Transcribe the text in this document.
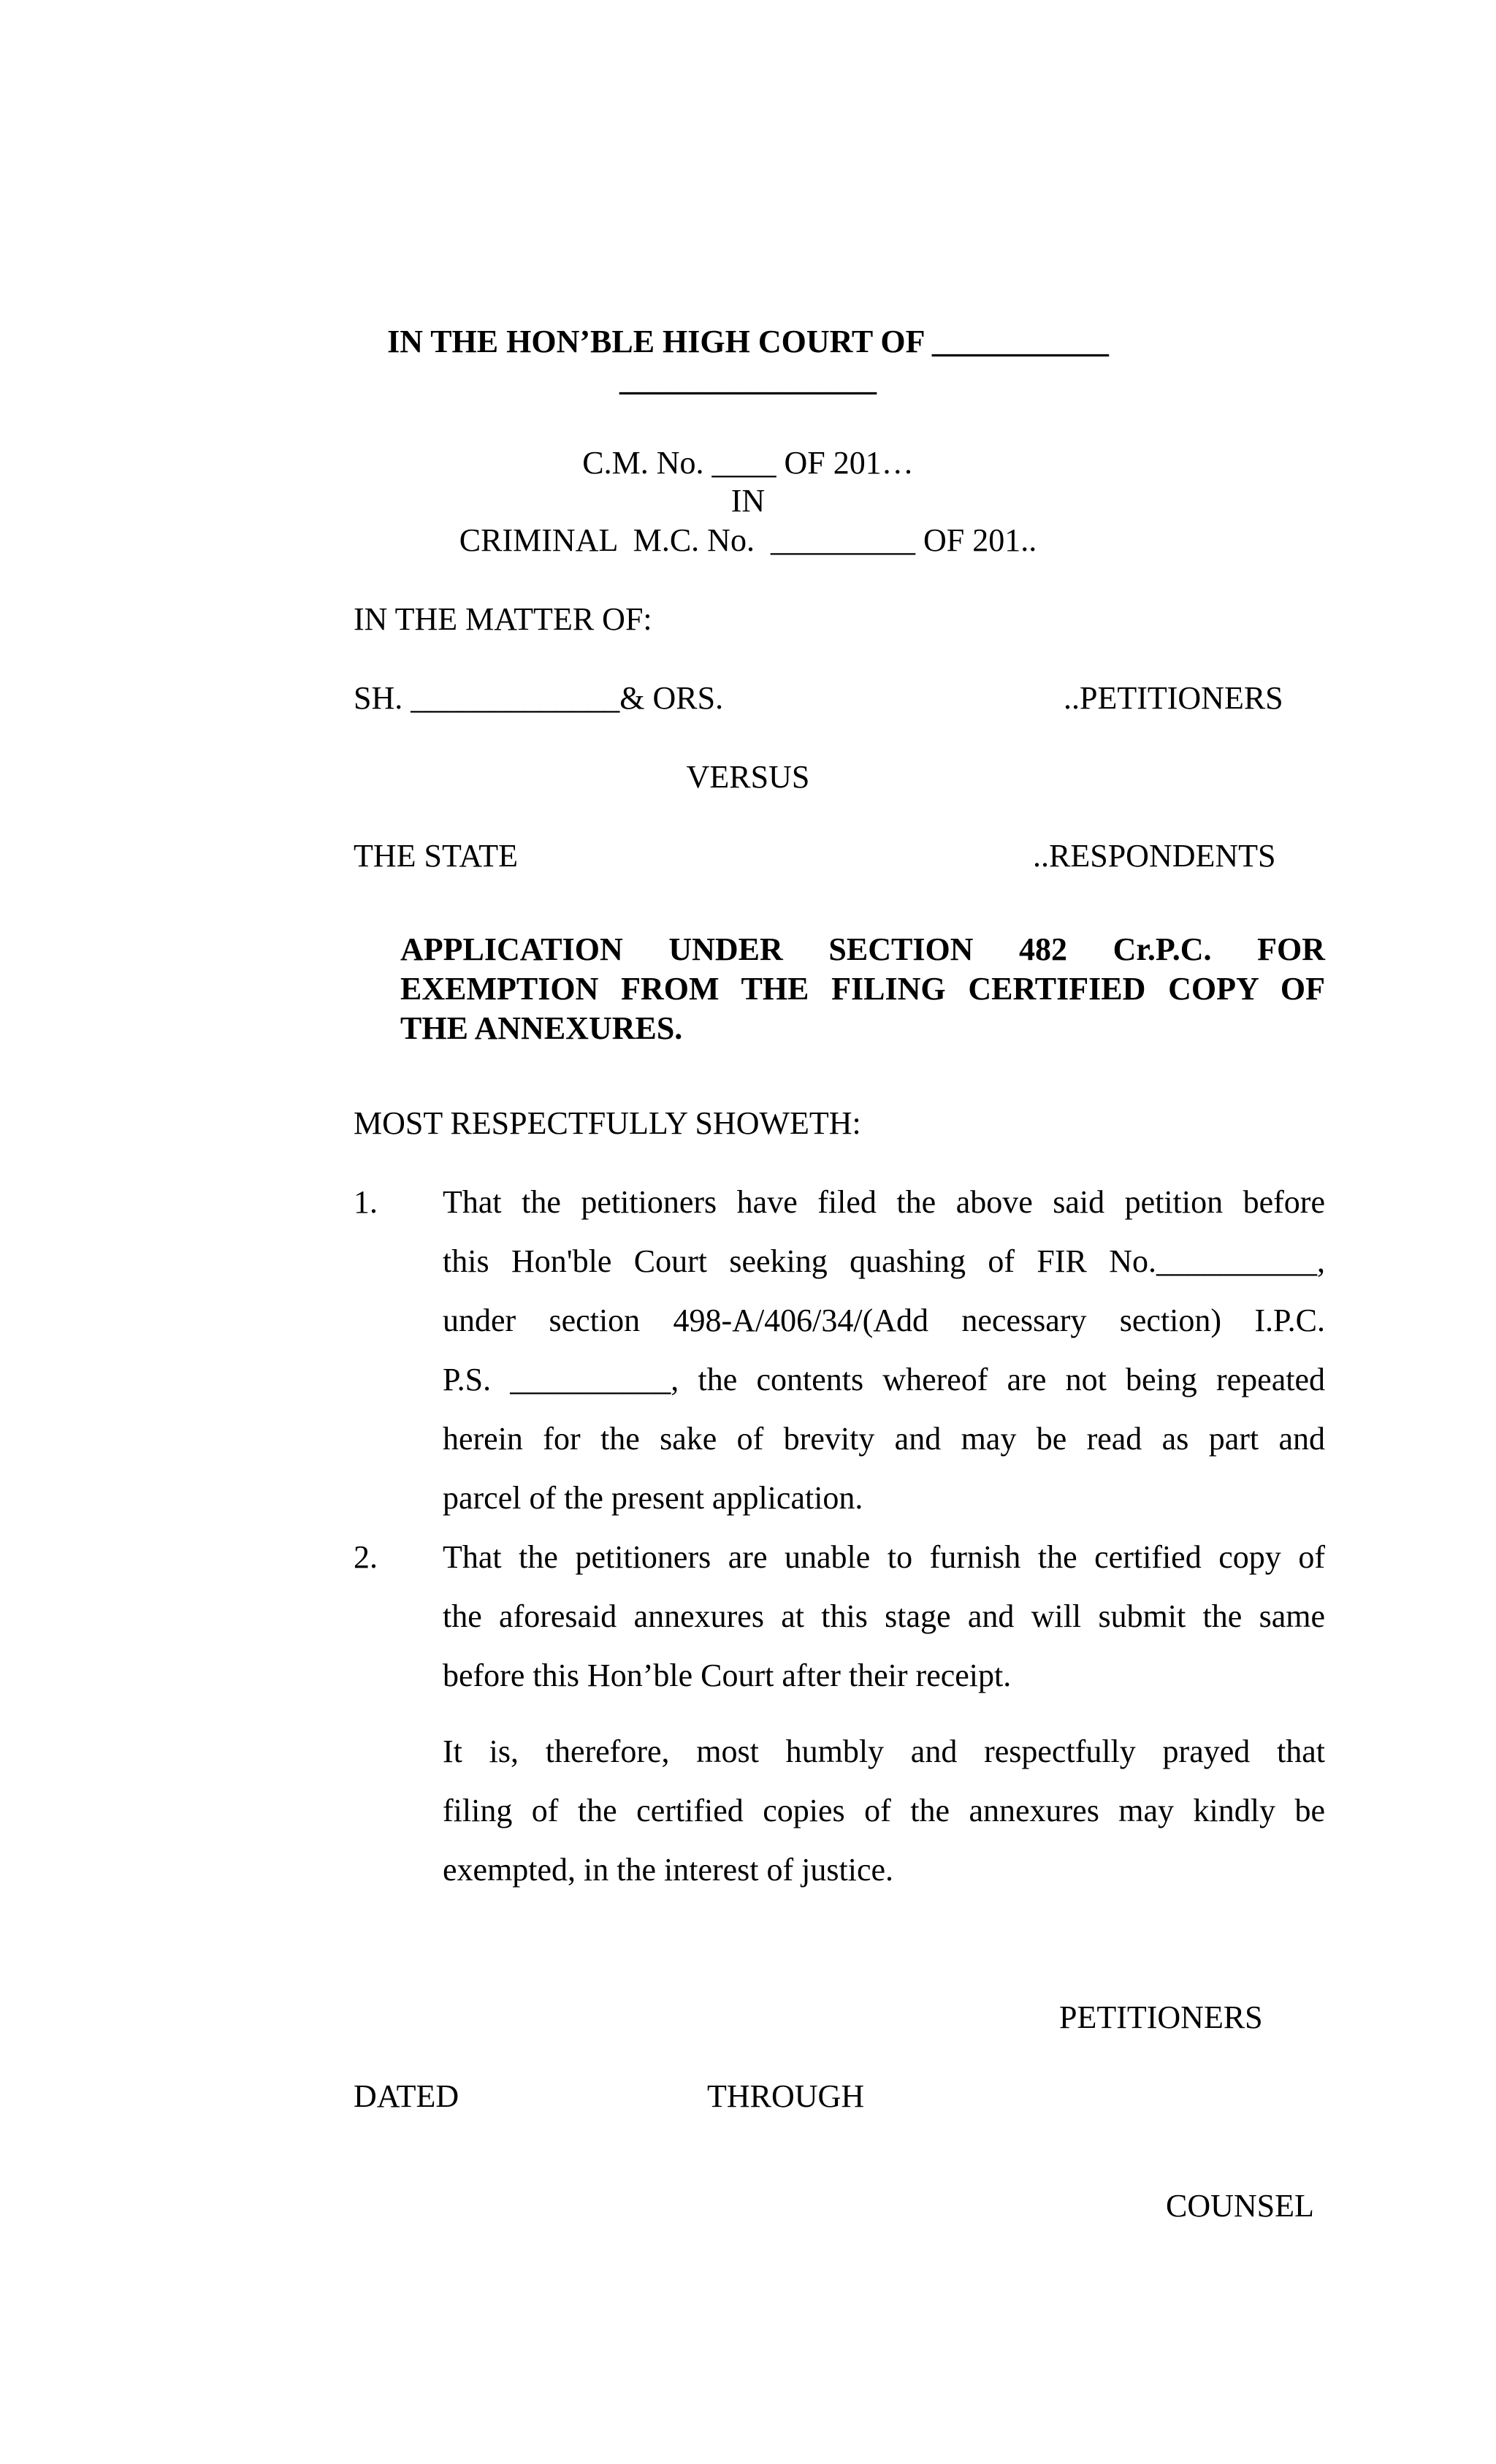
IN THE HON’BLE HIGH COURT OF ___________
________________
C.M. No. ____ OF 201…
IN
CRIMINAL  M.C. No.  _________ OF 201..
IN THE MATTER OF:
SH. _____________& ORS.	..PETITIONERS
VERSUS
THE STATE	..RESPONDENTS
APPLICATION UNDER SECTION 482 Cr.P.C. FOR
EXEMPTION FROM THE FILING CERTIFIED COPY OF
THE ANNEXURES.
MOST RESPECTFULLY SHOWETH:
1. That the petitioners have filed the above said petition before
this Hon'ble Court seeking quashing of FIR No.__________,
under section 498-A/406/34/(Add necessary section) I.P.C.
P.S. __________, the contents whereof are not being repeated
herein for the sake of brevity and may be read as part and
parcel of the present application.
2. That the petitioners are unable to furnish the certified copy of
the aforesaid annexures at this stage and will submit the same
before this Hon’ble Court after their receipt.
It is, therefore, most humbly and respectfully prayed that
filing of the certified copies of the annexures may kindly be
exempted, in the interest of justice.
PETITIONERS
DATED	THROUGH
COUNSEL
